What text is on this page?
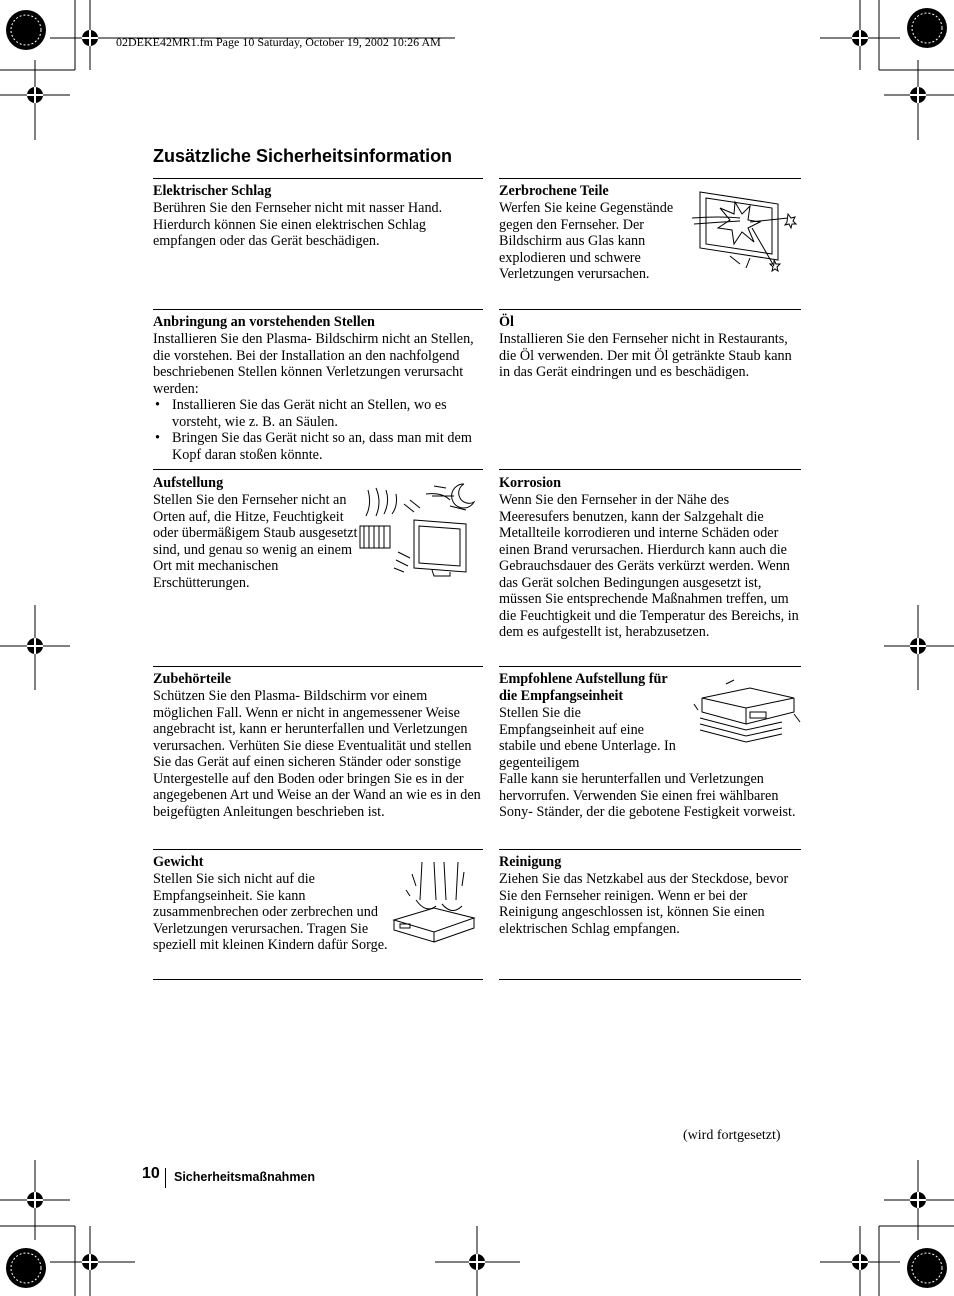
02DEKE42MR1.fm Page 10 Saturday, October 19, 2002 10:26 AM
Zusätzliche Sicherheitsinformation
Elektrischer Schlag

Berühren Sie den Fernseher nicht mit nasser Hand. Hierdurch können Sie einen elektrischen Schlag empfangen oder das Gerät beschädigen.

Zerbrochene Teile

Werfen Sie keine Gegenstände gegen den Fernseher. Der Bildschirm aus Glas kann explodieren und schwere Verletzungen verursachen.

Anbringung an vorstehenden Stellen

Installieren Sie den Plasma- Bildschirm nicht an Stellen, die vorstehen. Bei der Installation an den nachfolgend beschriebenen Stellen können Verletzungen verursacht werden:

• Installieren Sie das Gerät nicht an Stellen, wo es vorsteht, wie z. B. an Säulen.
• Bringen Sie das Gerät nicht so an, dass man mit dem Kopf daran stoßen könnte.
Öl

Installieren Sie den Fernseher nicht in Restaurants, die Öl verwenden. Der mit Öl getränkte Staub kann in das Gerät eindringen und es beschädigen.

Aufstellung

Stellen Sie den Fernseher nicht an Orten auf, die Hitze, Feuchtigkeit oder übermäßigem Staub ausgesetzt sind, und genau so wenig an einem Ort mit mechanischen Erschütterungen.

Korrosion

Wenn Sie den Fernseher in der Nähe des Meeresufers benutzen, kann der Salzgehalt die Metallteile korrodieren und interne Schäden oder einen Brand verursachen. Hierdurch kann auch die Gebrauchsdauer des Geräts verkürzt werden. Wenn das Gerät solchen Bedingungen ausgesetzt ist, müssen Sie entsprechende Maßnahmen treffen, um die Feuchtigkeit und die Temperatur des Bereichs, in dem es aufgestellt ist, herabzusetzen.

Zubehörteile

Schützen Sie den Plasma- Bildschirm vor einem möglichen Fall. Wenn er nicht in angemessener Weise angebracht ist, kann er herunterfallen und Verletzungen verursachen. Verhüten Sie diese Eventualität und stellen Sie das Gerät auf einen sicheren Ständer oder sonstige Untergestelle auf den Boden oder bringen Sie es in der angegebenen Art und Weise an der Wand an wie es in den beigefügten Anleitungen beschrieben ist.

Empfohlene Aufstellung für die Empfangseinheit

Stellen Sie die Empfangseinheit auf eine stabile und ebene Unterlage. In gegenteiligem

Falle kann sie herunterfallen und Verletzungen hervorrufen. Verwenden Sie einen frei wählbaren Sony- Ständer, der die gebotene Festigkeit vorweist.

Gewicht

Stellen Sie sich nicht auf die Empfangseinheit. Sie kann zusammenbrechen oder zerbrechen und Verletzungen verursachen. Tragen Sie speziell mit kleinen Kindern dafür Sorge.

Reinigung

Ziehen Sie das Netzkabel aus der Steckdose, bevor Sie den Fernseher reinigen. Wenn er bei der Reinigung angeschlossen ist, können Sie einen elektrischen Schlag empfangen.

(wird fortgesetzt)
10 Sicherheitsmaßnahmen
